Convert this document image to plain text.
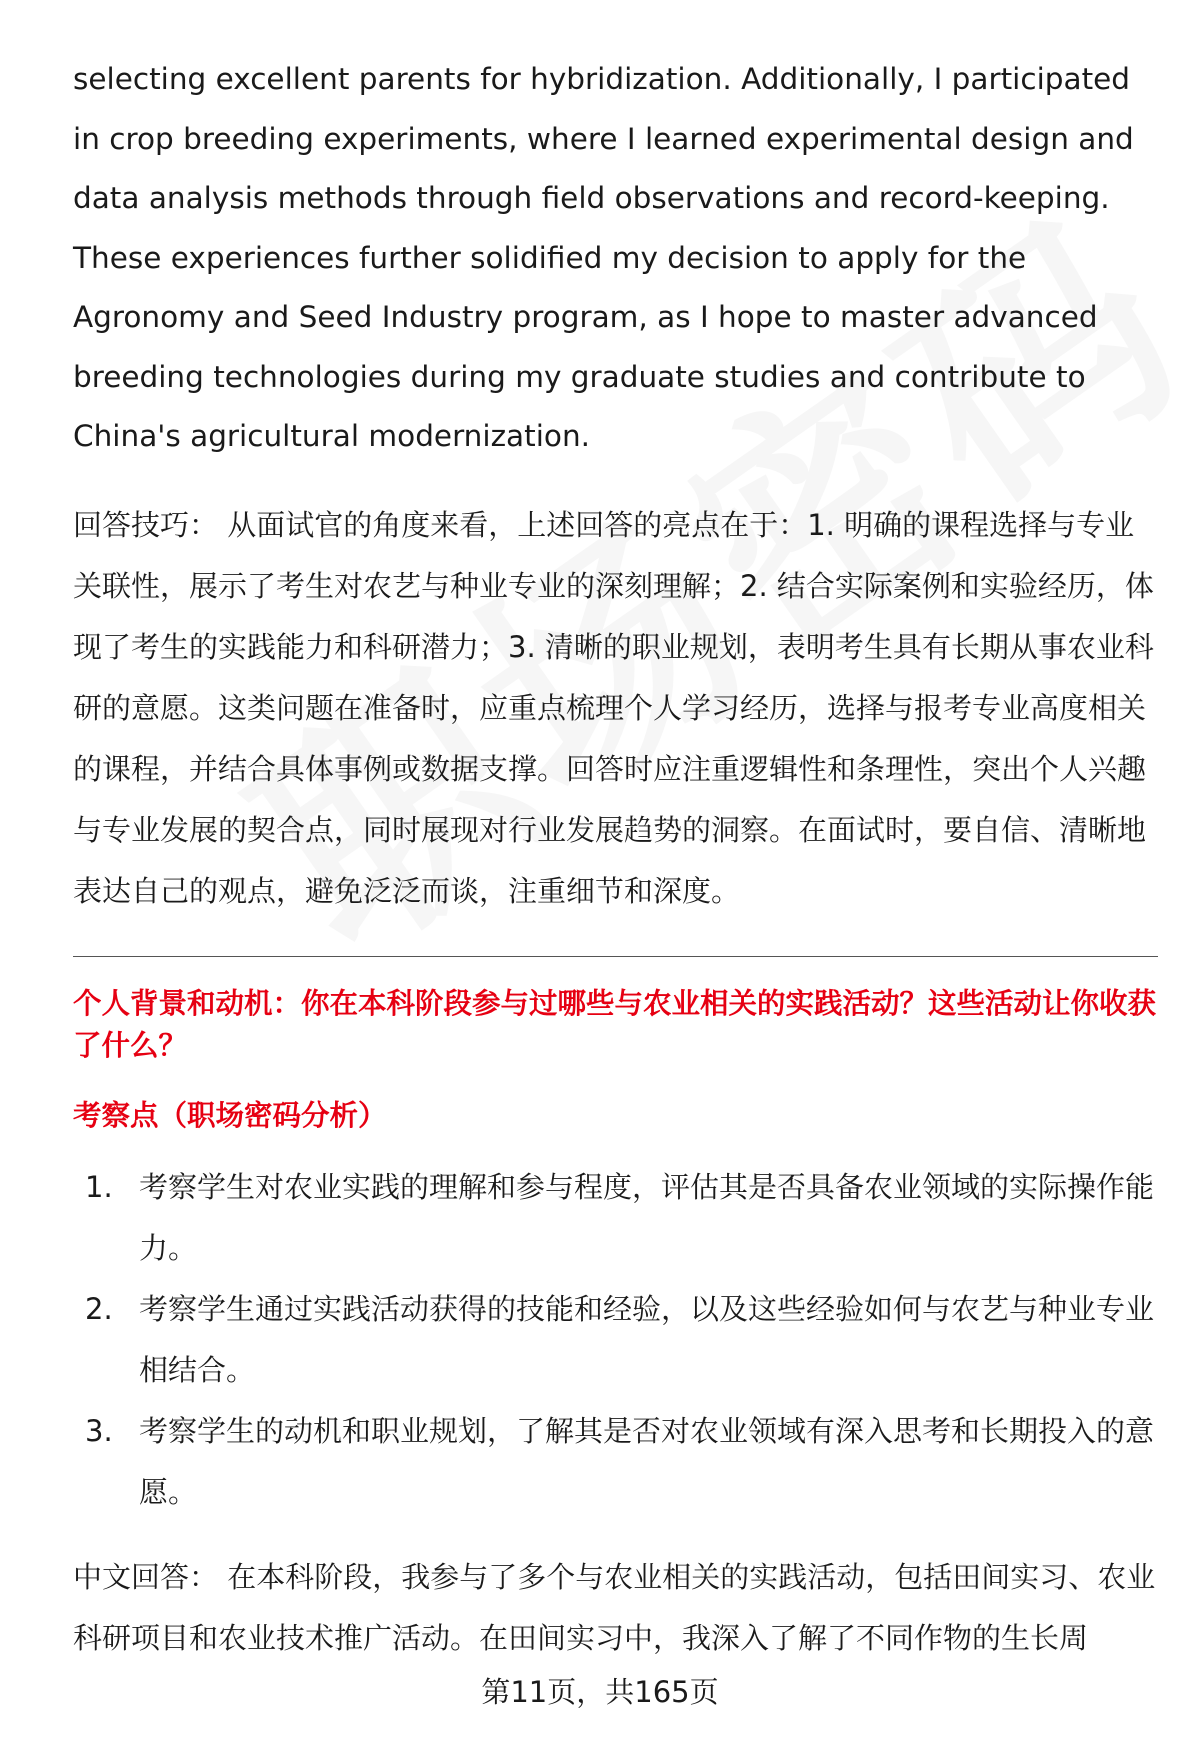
selecting excellent parents for hybridization. Additionally, I participated in crop breeding experiments, where I learned experimental design and data analysis methods through field observations and record-keeping. These experiences further solidified my decision to apply for the Agronomy and Seed Industry program, as I hope to master advanced breeding technologies during my graduate studies and contribute to China's agricultural modernization.

回答技巧： 从面试官的角度来看，上述回答的亮点在于：1. 明确的课程选择与专业关联性，展示了考生对农艺与种业专业的深刻理解；2. 结合实际案例和实验经历，体现了考生的实践能力和科研潜力；3. 清晰的职业规划，表明考生具有长期从事农业科研的意愿。这类问题在准备时，应重点梳理个人学习经历，选择与报考专业高度相关的课程，并结合具体事例或数据支撑。回答时应注重逻辑性和条理性，突出个人兴趣与专业发展的契合点，同时展现对行业发展趋势的洞察。在面试时，要自信、清晰地表达自己的观点，避免泛泛而谈，注重细节和深度。

个人背景和动机：你在本科阶段参与过哪些与农业相关的实践活动？这些活动让你收获了什么？

考察点（职场密码分析）

1. 考察学生对农业实践的理解和参与程度，评估其是否具备农业领域的实际操作能力。
2. 考察学生通过实践活动获得的技能和经验，以及这些经验如何与农艺与种业专业相结合。
3. 考察学生的动机和职业规划，了解其是否对农业领域有深入思考和长期投入的意愿。

中文回答： 在本科阶段，我参与了多个与农业相关的实践活动，包括田间实习、农业科研项目和农业技术推广活动。在田间实习中，我深入了解了不同作物的生长周

第11页，共165页
